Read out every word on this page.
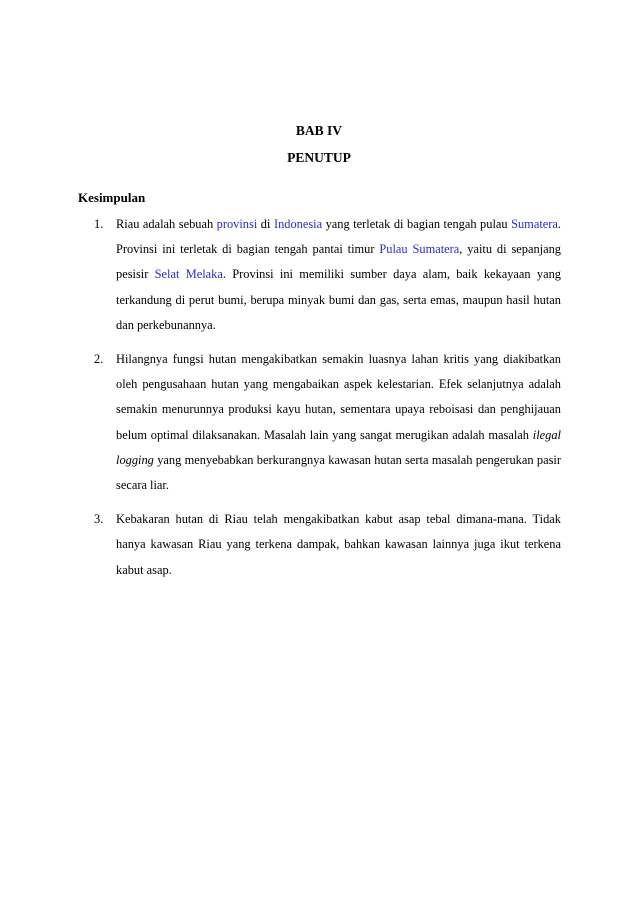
BAB IV
PENUTUP
Kesimpulan
1. Riau adalah sebuah provinsi di Indonesia yang terletak di bagian tengah pulau Sumatera. Provinsi ini terletak di bagian tengah pantai timur Pulau Sumatera, yaitu di sepanjang pesisir Selat Melaka. Provinsi ini memiliki sumber daya alam, baik kekayaan yang terkandung di perut bumi, berupa minyak bumi dan gas, serta emas, maupun hasil hutan dan perkebunannya.
2. Hilangnya fungsi hutan mengakibatkan semakin luasnya lahan kritis yang diakibatkan oleh pengusahaan hutan yang mengabaikan aspek kelestarian. Efek selanjutnya adalah semakin menurunnya produksi kayu hutan, sementara upaya reboisasi dan penghijauan belum optimal dilaksanakan. Masalah lain yang sangat merugikan adalah masalah ilegal logging yang menyebabkan berkurangnya kawasan hutan serta masalah pengerukan pasir secara liar.
3. Kebakaran hutan di Riau telah mengakibatkan kabut asap tebal dimana-mana. Tidak hanya kawasan Riau yang terkena dampak, bahkan kawasan lainnya juga ikut terkena kabut asap.
